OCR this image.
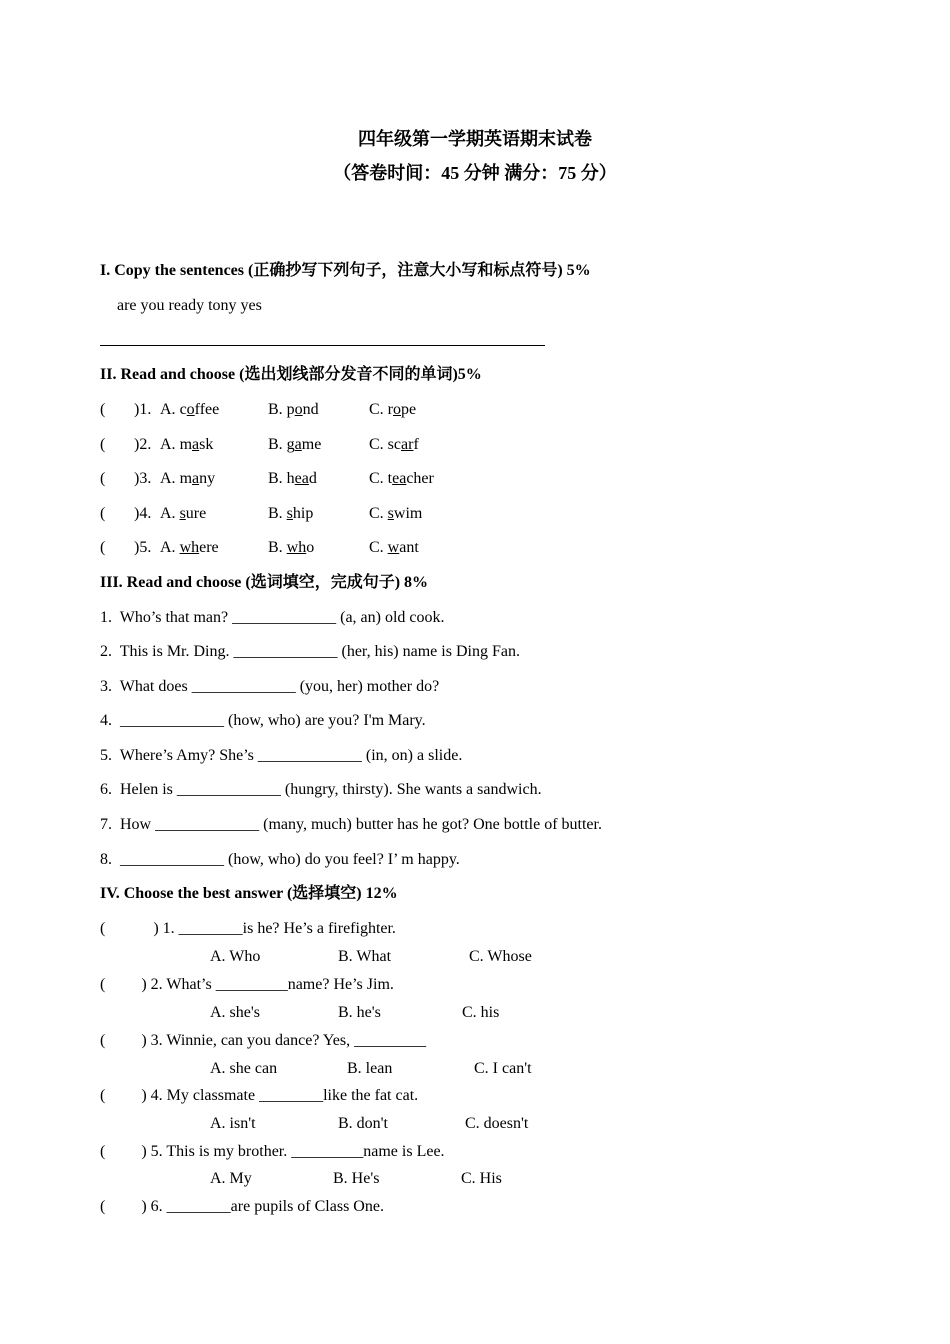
四年级第一学期英语期末试卷
（答卷时间：45 分钟 满分：75 分）
I. Copy the sentences (正确抄写下列句子，注意大小写和标点符号) 5%
are you ready tony yes
II. Read and choose (选出划线部分发音不同的单词)5%
( )1. A. coffee	B. pond	C. rope
( )2. A. mask	B. game	C. scarf
( )3. A. many	B. head	C. teacher
( )4. A. sure	B. ship	C. swim
( )5. A. where	B. who	C. want
III. Read and choose (选词填空，完成句子) 8%
1.  Who’s that man? _____________ (a, an) old cook.
2.  This is Mr. Ding. _____________ (her, his) name is Ding Fan.
3.  What does _____________ (you, her) mother do?
4.  _____________ (how, who) are you? I'm Mary.
5.  Where’s Amy? She’s _____________ (in, on) a slide.
6.  Helen is _____________ (hungry, thirsty). She wants a sandwich.
7.  How _____________ (many, much) butter has he got? One bottle of butter.
8.  _____________ (how, who) do you feel? I’ m happy.
IV. Choose the best answer (选择填空) 12%
(            ) 1. ________is he? He’s a firefighter.
A. Who	B. What	C. Whose
(         ) 2. What’s _________name? He’s Jim.
A. she's	B. he's	C. his
(         ) 3. Winnie, can you dance? Yes, _________
A. she can	B. lean	C. I can't
(         ) 4. My classmate ________like the fat cat.
A. isn't	B. don't	C. doesn't
(         ) 5. This is my brother. _________name is Lee.
A. My	B. He's	C. His
(         ) 6. ________are pupils of Class One.
